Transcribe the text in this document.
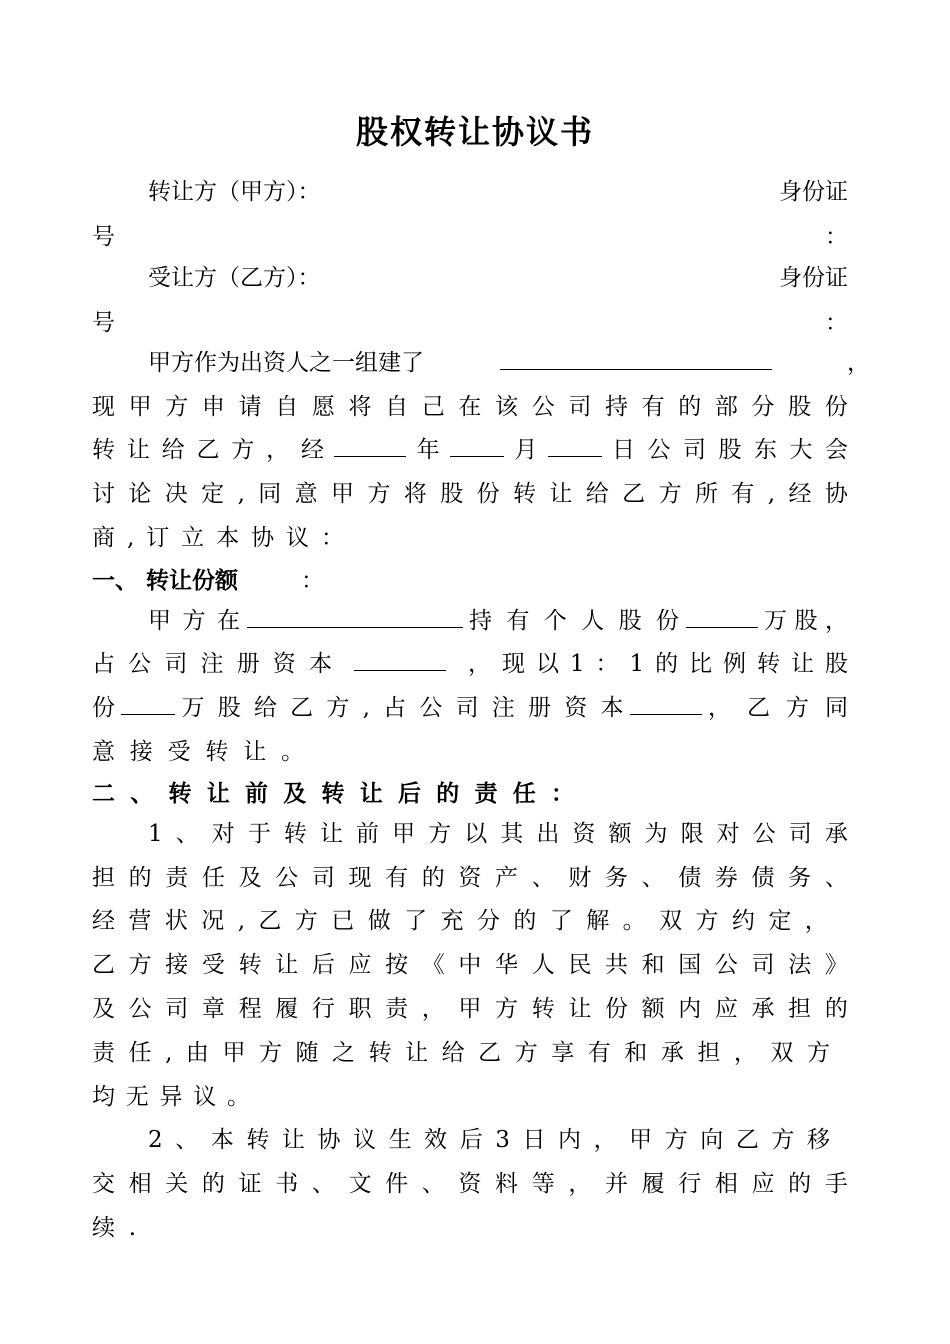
股权转让协议书
转让方（甲方）：	身份证
号	：
受让方（乙方）：	身份证
号	：
甲方作为出资人之一组建了	，
现 甲 方 申 请 自 愿 将 自 己 在 该 公 司 持 有 的 部 分 股 份
转 让 给 乙 方 ， 经	年	月	日 公 司 股 东 大 会
讨 论 决 定 , 同 意 甲 方 将 股 份 转 让 给 乙 方 所 有 , 经 协
商 , 订 立 本 协 议 ：
一、 转让份额	：
甲 方 在	持 有 个 人 股 份	万 股 ，
占 公 司 注 册 资 本	， 现 以 1 ： 1 的 比 例 转 让 股
份	万 股 给 乙 方 , 占 公 司 注 册 资 本	， 乙 方 同
意 接 受 转 让 。
二 、 转 让 前 及 转 让 后 的 责 任 ：
1 、 对 于 转 让 前 甲 方 以 其 出 资 额 为 限 对 公 司 承
担 的 责 任 及 公 司 现 有 的 资 产 、 财 务 、 债 券 债 务 、
经 营 状 况 , 乙 方 已 做 了 充 分 的 了 解 。 双 方 约 定 ，
乙 方 接 受 转 让 后 应 按 《 中 华 人 民 共 和 国 公 司 法 》
及 公 司 章 程 履 行 职 责 ， 甲 方 转 让 份 额 内 应 承 担 的
责 任 , 由 甲 方 随 之 转 让 给 乙 方 享 有 和 承 担 ， 双 方
均 无 异 议 。
2 、 本 转 让 协 议 生 效 后 3 日 内 ， 甲 方 向 乙 方 移
交 相 关 的 证 书 、 文 件 、 资 料 等 ， 并 履 行 相 应 的 手
续 .
